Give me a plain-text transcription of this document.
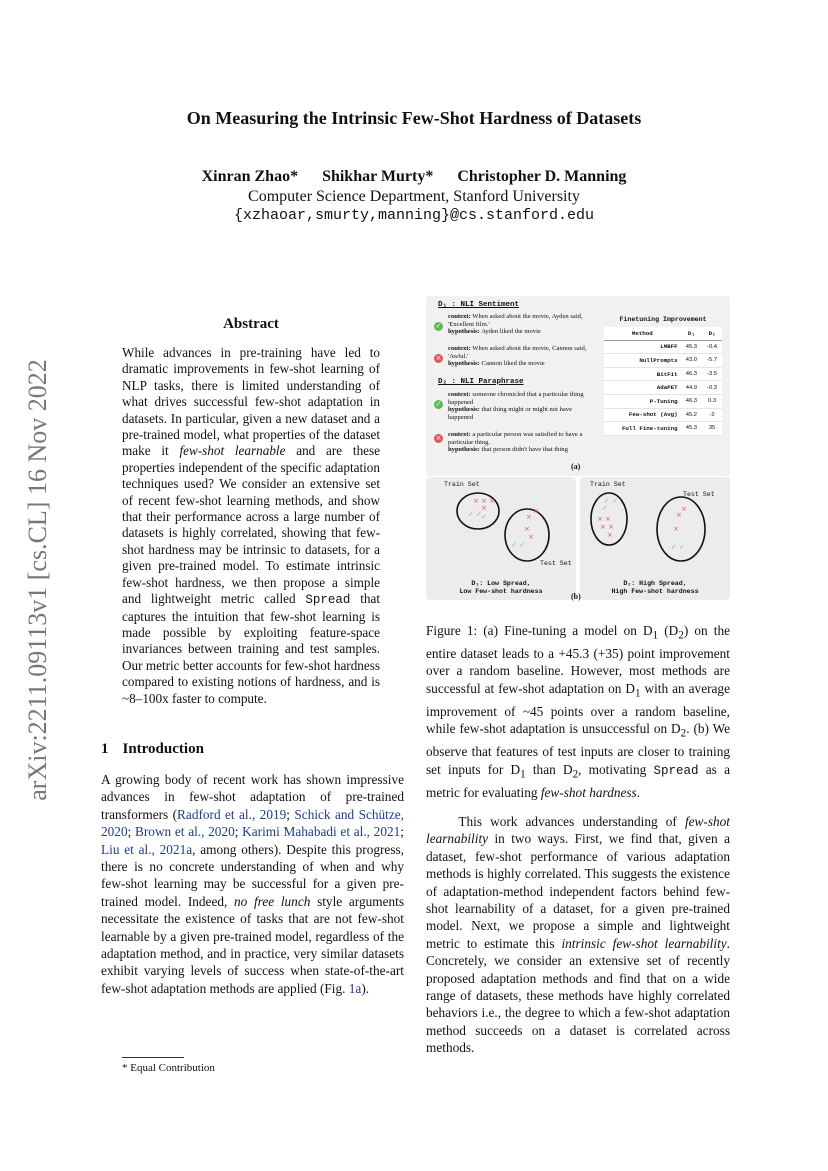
On Measuring the Intrinsic Few-Shot Hardness of Datasets
Xinran Zhao* Shikhar Murty* Christopher D. Manning
Computer Science Department, Stanford University
{xzhaoar,smurty,manning}@cs.stanford.edu
arXiv:2211.09113v1 [cs.CL] 16 Nov 2022
Abstract
While advances in pre-training have led to dramatic improvements in few-shot learning of NLP tasks, there is limited understanding of what drives successful few-shot adaptation in datasets. In particular, given a new dataset and a pre-trained model, what properties of the dataset make it few-shot learnable and are these properties independent of the specific adaptation techniques used? We consider an extensive set of recent few-shot learning methods, and show that their performance across a large number of datasets is highly correlated, showing that few-shot hardness may be intrinsic to datasets, for a given pre-trained model. To estimate intrinsic few-shot hardness, we then propose a simple and lightweight metric called Spread that captures the intuition that few-shot learning is made possible by exploiting feature-space invariances between training and test samples. Our metric better accounts for few-shot hardness compared to existing notions of hardness, and is ~8–100x faster to compute.
1 Introduction
A growing body of recent work has shown impressive advances in few-shot adaptation of pre-trained transformers (Radford et al., 2019; Schick and Schütze, 2020; Brown et al., 2020; Karimi Mahabadi et al., 2021; Liu et al., 2021a, among others). Despite this progress, there is no concrete understanding of when and why few-shot learning may be successful for a given pre-trained model. Indeed, no free lunch style arguments necessitate the existence of tasks that are not few-shot learnable by a given pre-trained model, regardless of the adaptation method, and in practice, very similar datasets exhibit varying levels of success when state-of-the-art few-shot adaptation methods are applied (Fig. 1a).
* Equal Contribution
D₁ : NLI Sentiment
✓
context: When asked about the movie, Ayden said, 'Excellent film.'
hypothesis: Ayden liked the movie
×
context: When asked about the movie, Cannon said, 'Awful.'
hypothesis: Cannon liked the movie
D₂ : NLI Paraphrase
✓
context: someone chronicled that a particular thing happened
hypothesis: that thing might or might not have happened
× context: a particular person was satisfied to have a particular thing.
hypothesis: that person didn't have that thing
Finetuning Improvement
Method	D₁	D₂
LMBFF	45.3	-0.4
NullPrompts	43.0	-5.7
BitFit	46.3	-3.5
AdaPET	44.9	-0.3
P-Tuning	46.3	0.3
Few-shot (Avg)	45.2	-2
Full Fine-tuning	45.3	35
(a)
× × ×
×
×
×
×
×
✓ ✓ ✓
✓ ✓
× ×
× ×
×
×
×
×
✓ ✓
✓
✓ ✓
Train Set
Test Set
Train Set
Test Set
D₁: Low Spread,
Low Few-shot hardness
D₂: High Spread,
High Few-shot hardness
(b)
Figure 1: (a) Fine-tuning a model on $D_1$ $(D_2)$ on the entire dataset leads to a +45.3 (+35) point improvement over a random baseline. However, most methods are successful at few-shot adaptation on $D_1$ with an average improvement of ~45 points over a random baseline, while few-shot adaptation is unsuccessful on $D_2$. (b) We observe that features of test inputs are closer to training set inputs for $D_1$ than $D_2$, motivating Spread as a metric for evaluating few-shot hardness.
This work advances understanding of few-shot learnability in two ways. First, we find that, given a dataset, few-shot performance of various adaptation methods is highly correlated. This suggests the existence of adaptation-method independent factors behind few-shot learnability of a dataset, for a given pre-trained model. Next, we propose a simple and lightweight metric to estimate this intrinsic few-shot learnability. Concretely, we consider an extensive set of recently proposed adaptation methods and find that on a wide range of datasets, these methods have highly correlated behaviors i.e., the degree to which a few-shot adaptation method succeeds on a dataset is correlated across methods.
